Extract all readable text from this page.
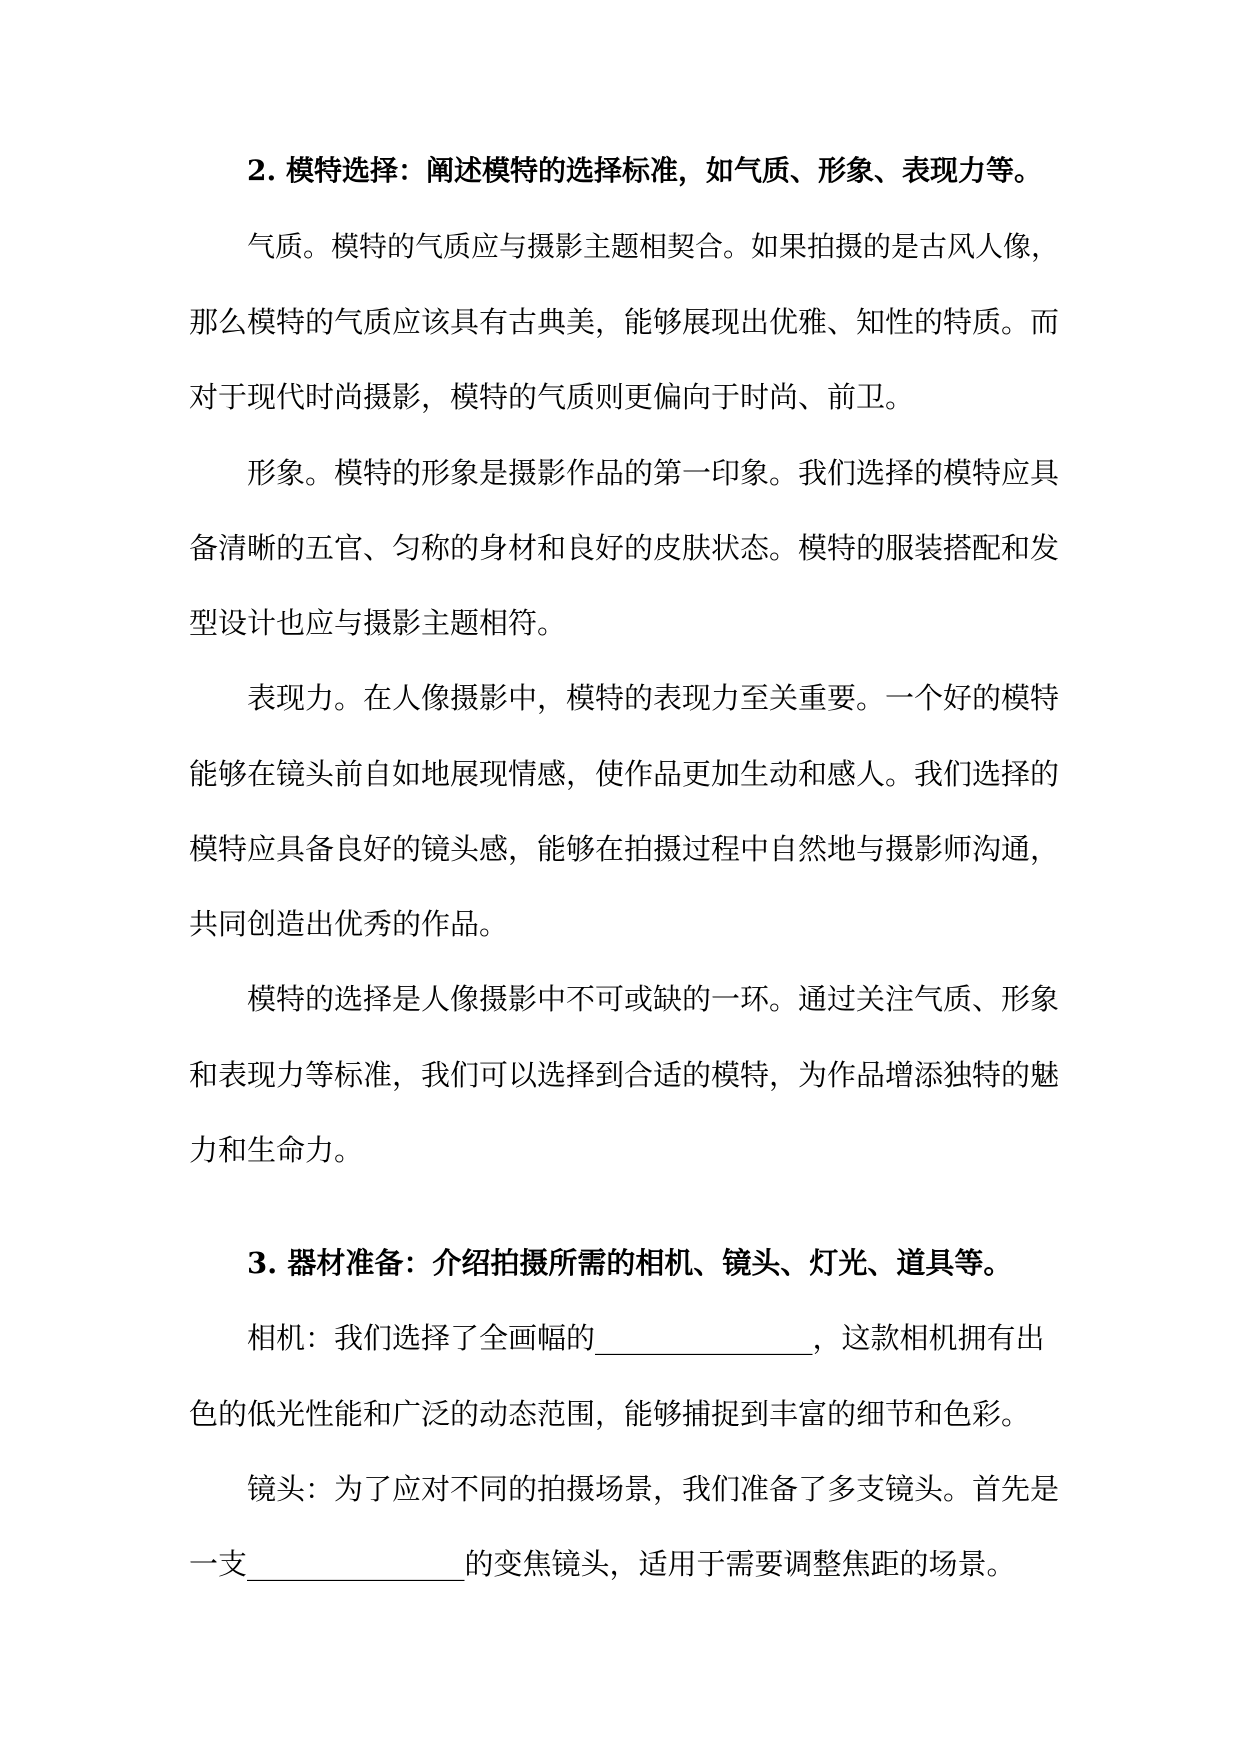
2. 模特选择：阐述模特的选择标准，如气质、形象、表现力等。
气质。模特的气质应与摄影主题相契合。如果拍摄的是古风人像，
那么模特的气质应该具有古典美，能够展现出优雅、知性的特质。而
对于现代时尚摄影，模特的气质则更偏向于时尚、前卫。
形象。模特的形象是摄影作品的第一印象。我们选择的模特应具
备清晰的五官、匀称的身材和良好的皮肤状态。模特的服装搭配和发
型设计也应与摄影主题相符。
表现力。在人像摄影中，模特的表现力至关重要。一个好的模特
能够在镜头前自如地展现情感，使作品更加生动和感人。我们选择的
模特应具备良好的镜头感，能够在拍摄过程中自然地与摄影师沟通，
共同创造出优秀的作品。
模特的选择是人像摄影中不可或缺的一环。通过关注气质、形象
和表现力等标准，我们可以选择到合适的模特，为作品增添独特的魅
力和生命力。
3. 器材准备：介绍拍摄所需的相机、镜头、灯光、道具等。
相机：我们选择了全画幅的_______________，这款相机拥有出
色的低光性能和广泛的动态范围，能够捕捉到丰富的细节和色彩。
镜头：为了应对不同的拍摄场景，我们准备了多支镜头。首先是
一支_______________的变焦镜头，适用于需要调整焦距的场景。
